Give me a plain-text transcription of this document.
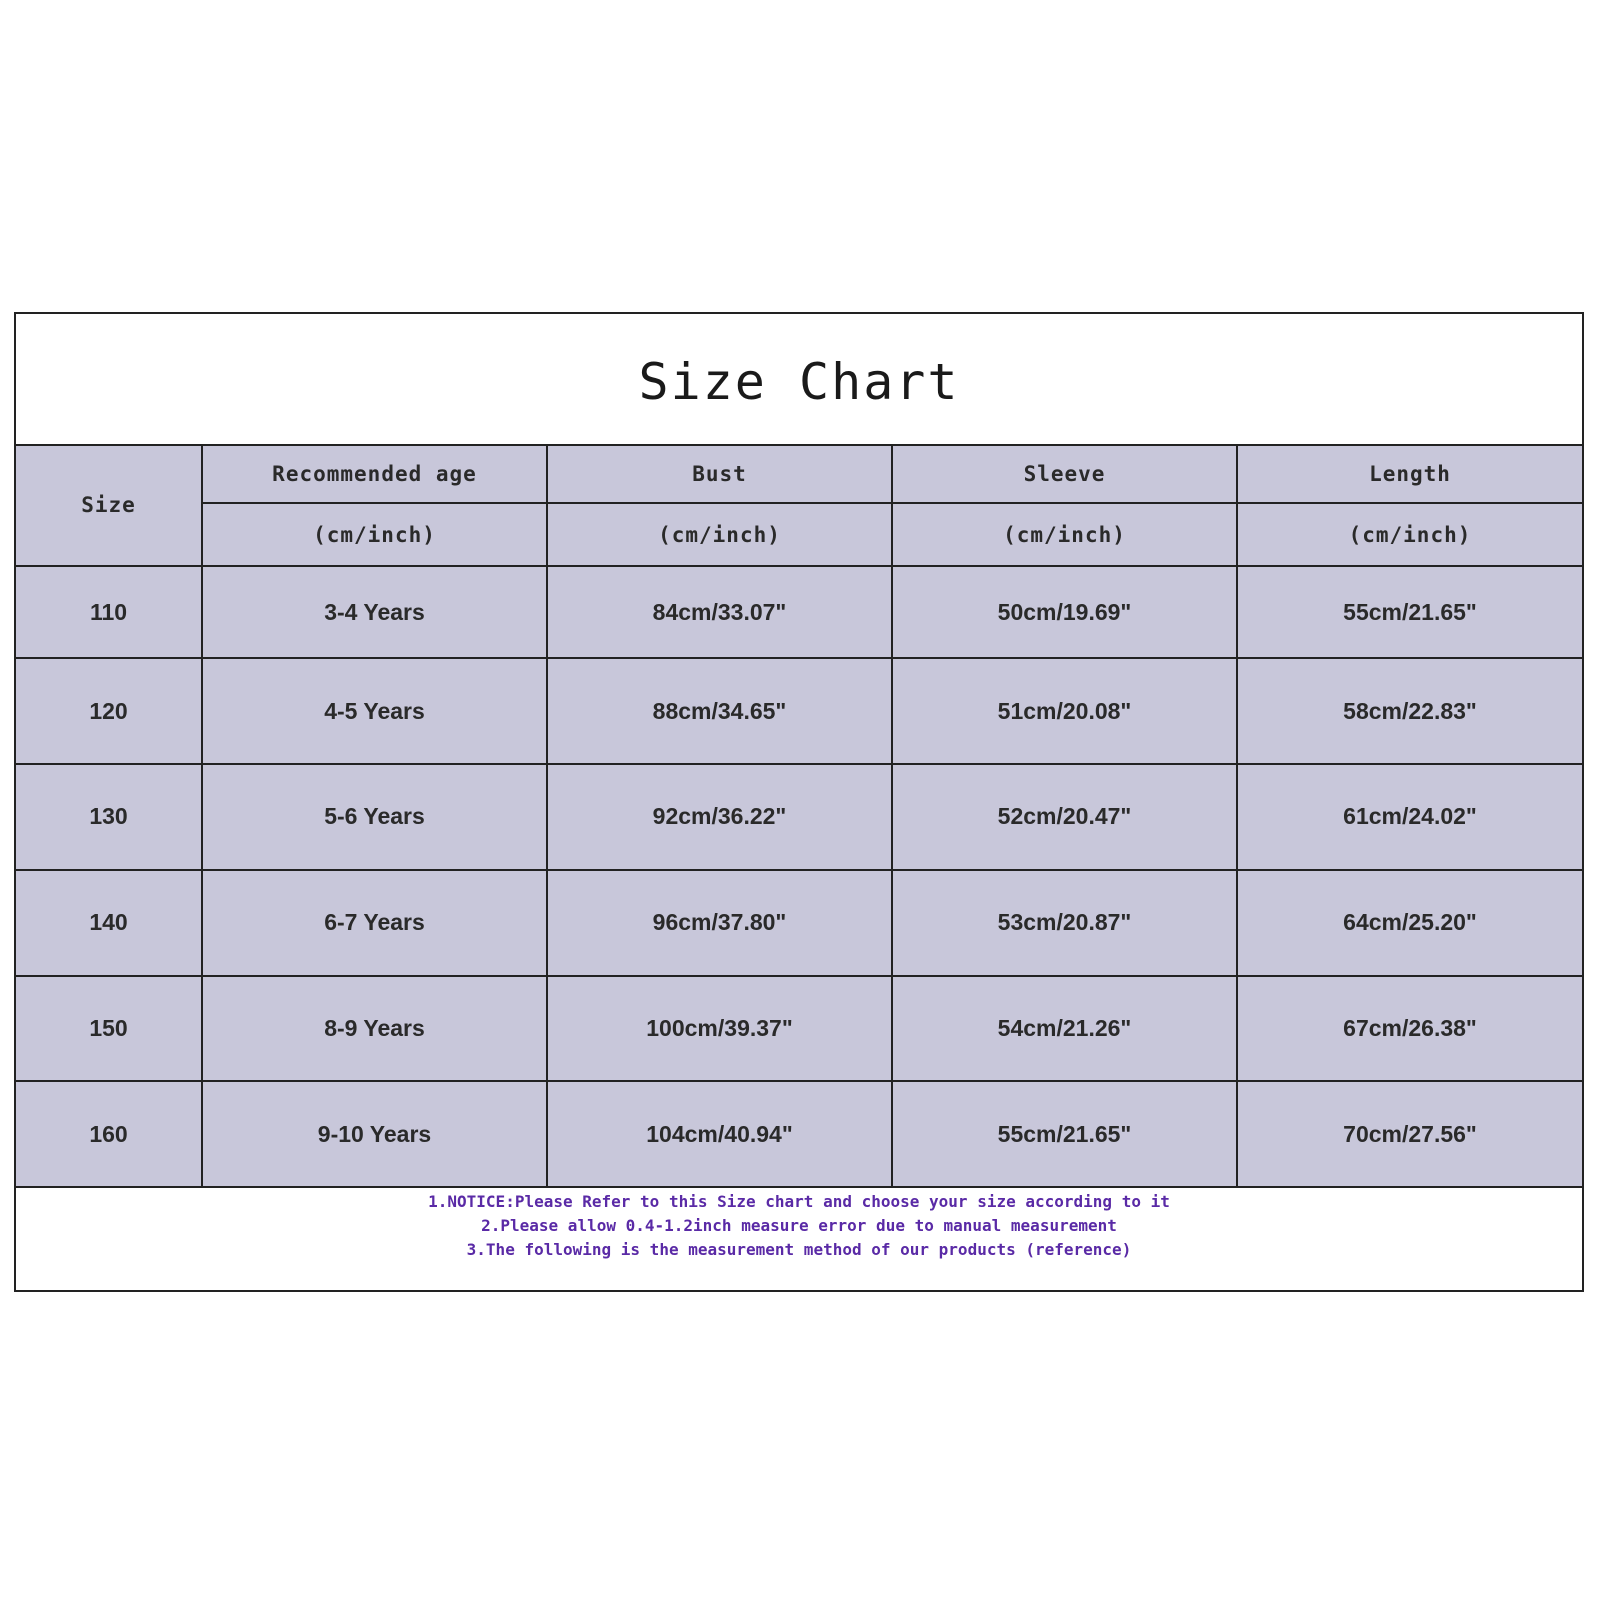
Size Chart
Size	Recommended age	Bust	Sleeve	Length
	(cm/inch)	(cm/inch)	(cm/inch)	(cm/inch)
110	3-4 Years	84cm/33.07"	50cm/19.69"	55cm/21.65"
120	4-5 Years	88cm/34.65"	51cm/20.08"	58cm/22.83"
130	5-6 Years	92cm/36.22"	52cm/20.47"	61cm/24.02"
140	6-7 Years	96cm/37.80"	53cm/20.87"	64cm/25.20"
150	8-9 Years	100cm/39.37"	54cm/21.26"	67cm/26.38"
160	9-10 Years	104cm/40.94"	55cm/21.65"	70cm/27.56"
1.NOTICE:Please Refer to this Size chart and choose your size according to it
2.Please allow 0.4-1.2inch measure error due to manual measurement
3.The following is the measurement method of our products (reference)
